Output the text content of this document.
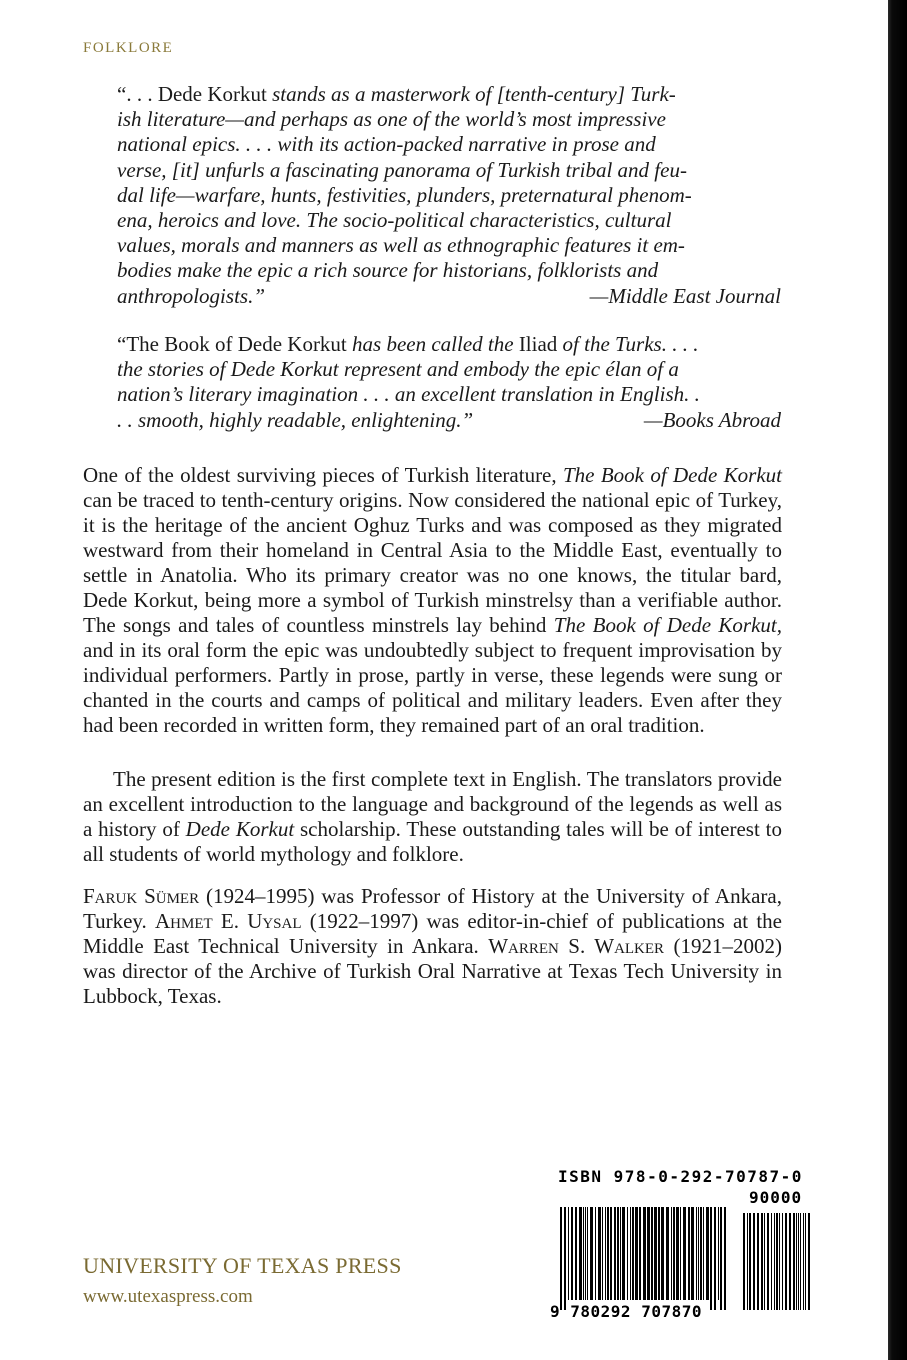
FOLKLORE
“. . . Dede Korkut stands as a masterwork of [tenth-century] Turk-
ish literature—and perhaps as one of the world’s most impressive
national epics. . . . with its action-packed narrative in prose and
verse, [it] unfurls a fascinating panorama of Turkish tribal and feu-
dal life—warfare, hunts, festivities, plunders, preternatural phenom-
ena, heroics and love. The socio-political characteristics, cultural
values, morals and manners as well as ethnographic features it em-
bodies make the epic a rich source for historians, folklorists and
anthropologists.”	—Middle East Journal
“The Book of Dede Korkut has been called the Iliad of the Turks. . . .
the stories of Dede Korkut represent and embody the epic élan of a
nation’s literary imagination . . . an excellent translation in English. .
. . smooth, highly readable, enlightening.”	—Books Abroad
One of the oldest surviving pieces of Turkish literature, The Book of Dede Korkut can be traced to tenth-century origins. Now considered the national epic of Turkey, it is the heritage of the ancient Oghuz Turks and was composed as they migrated westward from their homeland in Central Asia to the Middle East, eventually to settle in Anatolia. Who its primary creator was no one knows, the titular bard, Dede Korkut, being more a symbol of Turkish minstrelsy than a verifiable author. The songs and tales of countless minstrels lay behind The Book of Dede Korkut, and in its oral form the epic was undoubtedly subject to frequent improvisation by individual performers. Partly in prose, partly in verse, these legends were sung or chanted in the courts and camps of political and military leaders. Even after they had been recorded in written form, they remained part of an oral tradition.
The present edition is the first complete text in English. The translators provide an excellent introduction to the language and background of the legends as well as a history of Dede Korkut scholarship. These outstanding tales will be of interest to all students of world mythology and folklore.
Faruk Sümer (1924–1995) was Professor of History at the University of Ankara, Turkey. Ahmet E. Uysal (1922–1997) was editor-in-chief of publications at the Middle East Technical University in Ankara. Warren S. Walker (1921–2002) was director of the Archive of Turkish Oral Narrative at Texas Tech University in Lubbock, Texas.
UNIVERSITY OF TEXAS PRESS
www.utexaspress.com
ISBN 978-0-292-70787-0
90000
9 780292 707870
